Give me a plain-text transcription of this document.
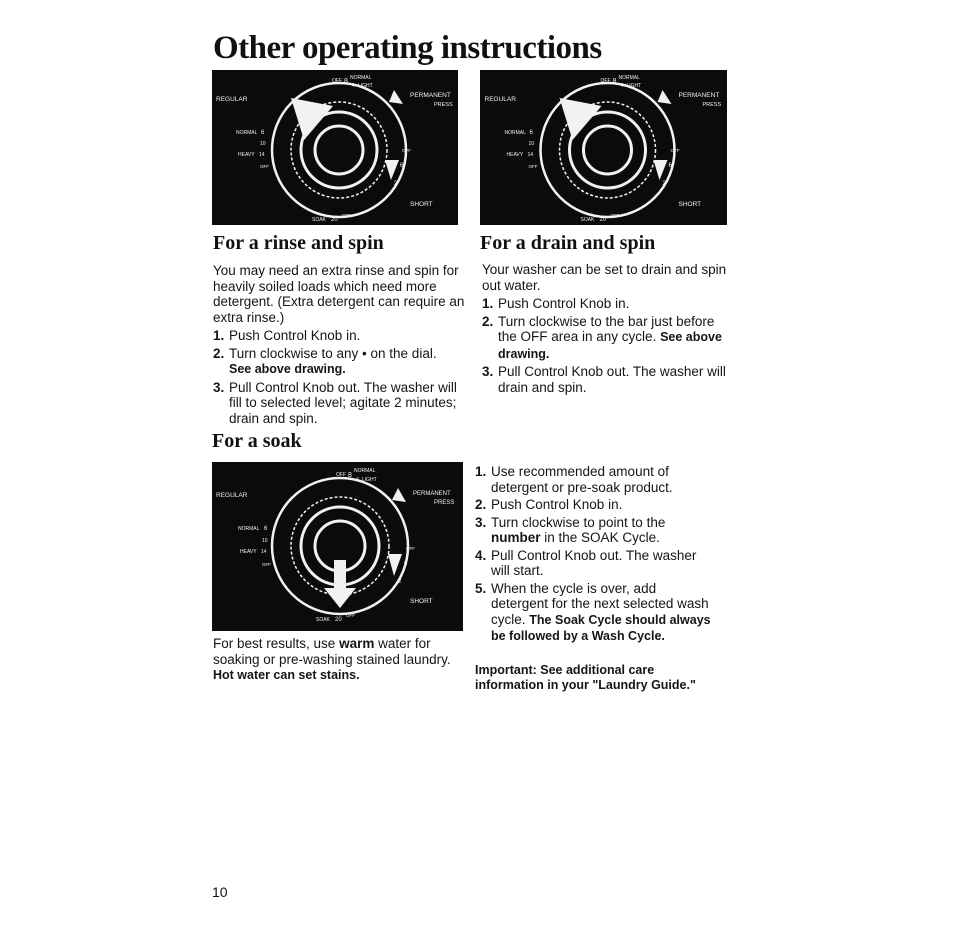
Other operating instructions
REGULAR
PERMANENT
PRESS
OFF 8 NORMAL
4 LIGHT
NORMAL 6
10
HEAVY 14
OFF
OFF
6
2
SHORT
SOAK 20
OFF
REGULAR
PERMANENT
PRESS
OFF 8 NORMAL
4 LIGHT
NORMAL 6
10
HEAVY 14
OFF
OFF
6
2
SHORT
SOAK 20
OFF
For a rinse and spin

You may need an extra rinse and spin for heavily soiled loads which need more detergent. (Extra detergent can require an extra rinse.)

1. Push Control Knob in.
2. Turn clockwise to any • on the dial.
See above drawing.
3. Pull Control Knob out. The washer will fill to selected level; agitate 2 minutes; drain and spin.
For a drain and spin

Your washer can be set to drain and spin out water.

1. Push Control Knob in.
2. Turn clockwise to the bar just before the OFF area in any cycle. See above drawing.
3. Pull Control Knob out. The washer will drain and spin.
For a soak
REGULAR	PERMANENT
PRESS
OFF 8
NORMAL
4 LIGHT
NORMAL 6
10
HEAVY 14
OFF
OFF
6
2
SHORT
SOAK 20
OFF

For best results, use warm water for soaking or pre-washing stained laundry. Hot water can set stains.

1. Use recommended amount of detergent or pre-soak product.
2. Push Control Knob in.
3. Turn clockwise to point to the number in the SOAK Cycle.
4. Pull Control Knob out. The washer will start.
5. When the cycle is over, add detergent for the next selected wash cycle. The Soak Cycle should always be followed by a Wash Cycle.

Important: See additional care information in your "Laundry Guide."

10
